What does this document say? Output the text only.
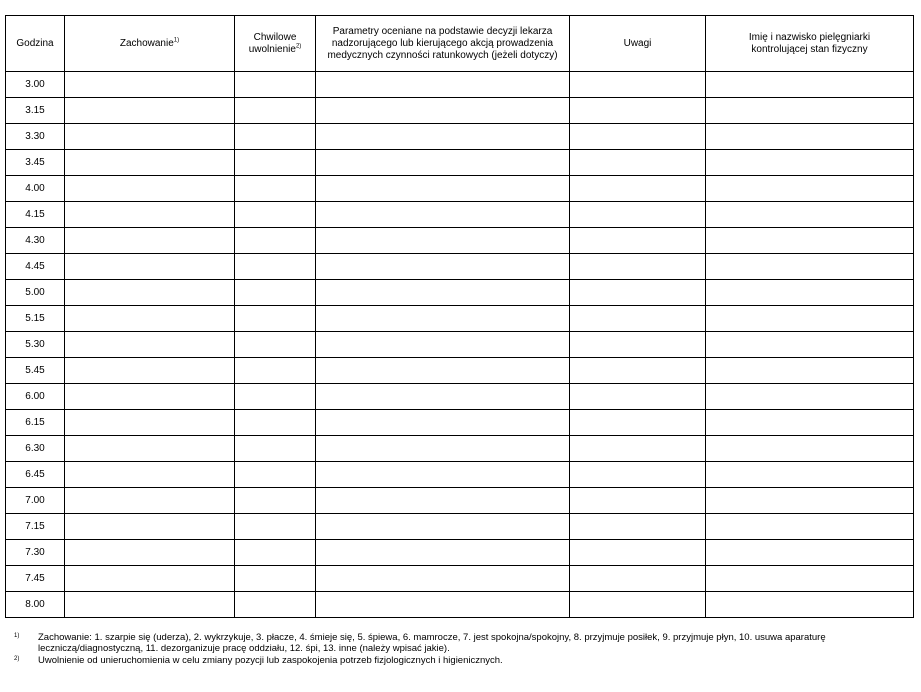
Godzina	Zachowanie$^{1)}$	Chwilowe
uwolnienie$^{2)}$	Parametry oceniane na podstawie decyzji lekarza nadzorującego lub kierującego akcją prowadzenia medycznych czynności ratunkowych (jeżeli dotyczy)	Uwagi	Imię i nazwisko pielęgniarki kontrolującej stan fizyczny

3.00					
3.15					
3.30					
3.45					
4.00					
4.15					
4.30					
4.45					
5.00					
5.15					
5.30					
5.45					
6.00					
6.15					
6.30					
6.45					
7.00					
7.15					
7.30					
7.45					
8.00					
1)	Zachowanie: 1. szarpie się (uderza), 2. wykrzykuje, 3. płacze, 4. śmieje się, 5. śpiewa, 6. mamrocze, 7. jest spokojna/spokojny, 8. przyjmuje posiłek, 9. przyjmuje płyn, 10. usuwa aparaturę leczniczą/diagnostyczną, 11. dezorganizuje pracę oddziału, 12. śpi, 13. inne (należy wpisać jakie).
2)	Uwolnienie od unieruchomienia w celu zmiany pozycji lub zaspokojenia potrzeb fizjologicznych i higienicznych.
